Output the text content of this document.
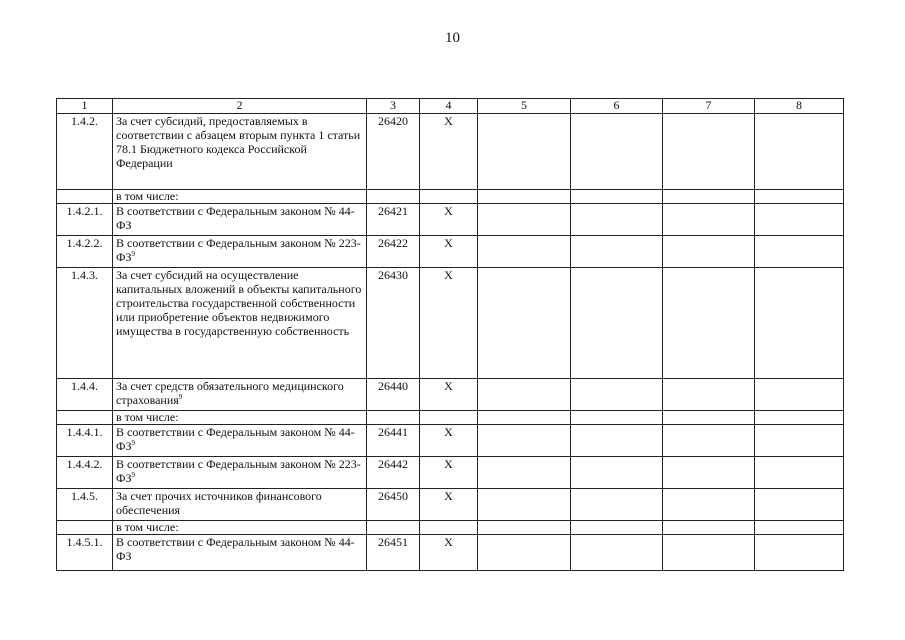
10
1	2	3	4	5	6	7	8
1.4.2.	За счет субсидий, предоставляемых в соответствии с абзацем вторым пункта 1 статьи 78.1 Бюджетного кодекса Российской Федерации	26420	X				
	в том числе:						
1.4.2.1.	В соответствии с Федеральным законом № 44-ФЗ	26421	X				
1.4.2.2.	В соответствии с Федеральным законом № $223-ФЗ^9$	26422	X				
1.4.3.	За счет субсидий на осуществление капитальных вложений в объекты капитального строительства государственной собственности или приобретение объектов недвижимого имущества в государственную собственность	26430	X				
1.4.4.	За счет средств обязательного медицинского страхования$^9$	26440	X				
	в том числе:						
1.4.4.1.	В соответствии с Федеральным законом № $44-ФЗ^9$	26441	X				
1.4.4.2.	В соответствии с Федеральным законом № $223-ФЗ^9$	26442	X				
1.4.5.	За счет прочих источников финансового обеспечения	26450	X				
	в том числе:						
1.4.5.1.	В соответствии с Федеральным законом № 44-ФЗ	26451	X				
